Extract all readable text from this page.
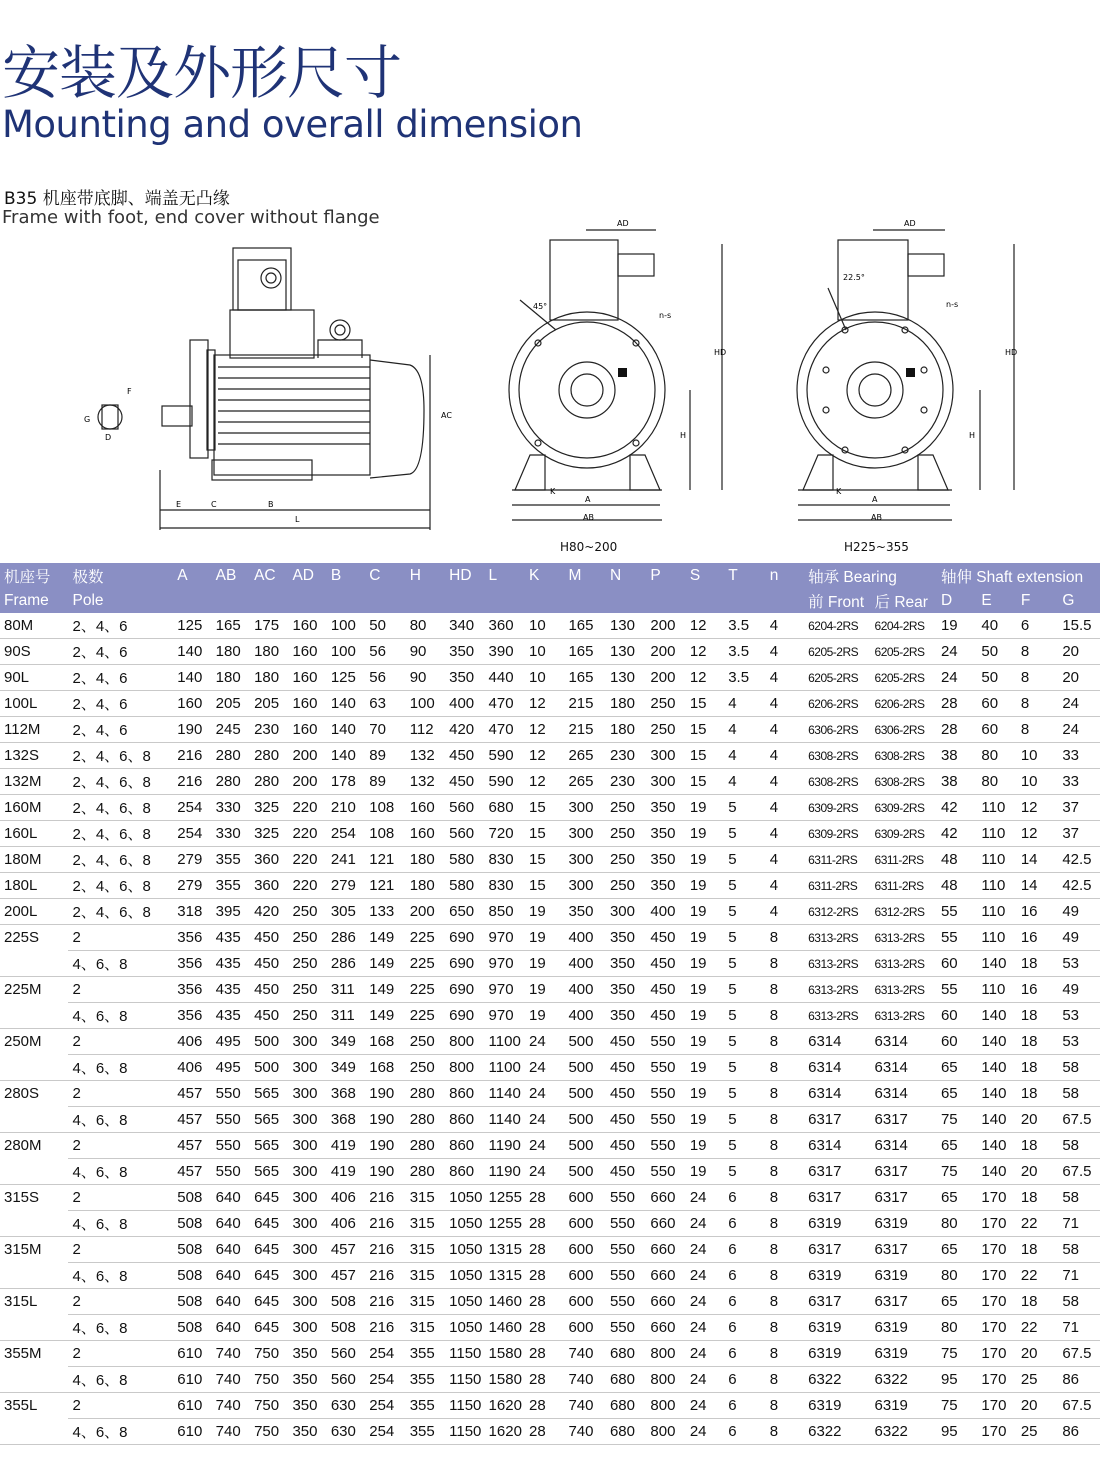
安装及外形尺寸
Mounting and overall dimension
B35 机座带底脚、端盖无凸缘
Frame with foot, end cover without flange
F
G
D
E	C	B
L
AC
AD
45°
n-s
HD
H
K
A
AB
AD
22.5°
n-s
HD
H
K
A
AB
H80~200	H225~355
机座号	极数	A	AB	AC	AD	B	C	H	HD	L	K	M	N	P	S	T	n	轴承 Bearing		轴伸 Shaft extension			
Frame	Pole																	前 Front	后 Rear	D	E	F	G
80M	2、4、6	125	165	175	160	100	50	80	340	360	10	165	130	200	12	3.5	4	6204-2RS	6204-2RS	19	40	6	15.5
90S	2、4、6	140	180	180	160	100	56	90	350	390	10	165	130	200	12	3.5	4	6205-2RS	6205-2RS	24	50	8	20
90L	2、4、6	140	180	180	160	125	56	90	350	440	10	165	130	200	12	3.5	4	6205-2RS	6205-2RS	24	50	8	20
100L	2、4、6	160	205	205	160	140	63	100	400	470	12	215	180	250	15	4	4	6206-2RS	6206-2RS	28	60	8	24
112M	2、4、6	190	245	230	160	140	70	112	420	470	12	215	180	250	15	4	4	6306-2RS	6306-2RS	28	60	8	24
132S	2、4、6、8	216	280	280	200	140	89	132	450	590	12	265	230	300	15	4	4	6308-2RS	6308-2RS	38	80	10	33
132M	2、4、6、8	216	280	280	200	178	89	132	450	590	12	265	230	300	15	4	4	6308-2RS	6308-2RS	38	80	10	33
160M	2、4、6、8	254	330	325	220	210	108	160	560	680	15	300	250	350	19	5	4	6309-2RS	6309-2RS	42	110	12	37
160L	2、4、6、8	254	330	325	220	254	108	160	560	720	15	300	250	350	19	5	4	6309-2RS	6309-2RS	42	110	12	37
180M	2、4、6、8	279	355	360	220	241	121	180	580	830	15	300	250	350	19	5	4	6311-2RS	6311-2RS	48	110	14	42.5
180L	2、4、6、8	279	355	360	220	279	121	180	580	830	15	300	250	350	19	5	4	6311-2RS	6311-2RS	48	110	14	42.5
200L	2、4、6、8	318	395	420	250	305	133	200	650	850	19	350	300	400	19	5	4	6312-2RS	6312-2RS	55	110	16	49
225S	2	356	435	450	250	286	149	225	690	970	19	400	350	450	19	5	8	6313-2RS	6313-2RS	55	110	16	49
	4、6、8	356	435	450	250	286	149	225	690	970	19	400	350	450	19	5	8	6313-2RS	6313-2RS	60	140	18	53
225M	2	356	435	450	250	311	149	225	690	970	19	400	350	450	19	5	8	6313-2RS	6313-2RS	55	110	16	49
	4、6、8	356	435	450	250	311	149	225	690	970	19	400	350	450	19	5	8	6313-2RS	6313-2RS	60	140	18	53
250M	2	406	495	500	300	349	168	250	800	1100	24	500	450	550	19	5	8	6314	6314	60	140	18	53
	4、6、8	406	495	500	300	349	168	250	800	1100	24	500	450	550	19	5	8	6314	6314	65	140	18	58
280S	2	457	550	565	300	368	190	280	860	1140	24	500	450	550	19	5	8	6314	6314	65	140	18	58
	4、6、8	457	550	565	300	368	190	280	860	1140	24	500	450	550	19	5	8	6317	6317	75	140	20	67.5
280M	2	457	550	565	300	419	190	280	860	1190	24	500	450	550	19	5	8	6314	6314	65	140	18	58
	4、6、8	457	550	565	300	419	190	280	860	1190	24	500	450	550	19	5	8	6317	6317	75	140	20	67.5
315S	2	508	640	645	300	406	216	315	1050	1255	28	600	550	660	24	6	8	6317	6317	65	170	18	58
	4、6、8	508	640	645	300	406	216	315	1050	1255	28	600	550	660	24	6	8	6319	6319	80	170	22	71
315M	2	508	640	645	300	457	216	315	1050	1315	28	600	550	660	24	6	8	6317	6317	65	170	18	58
	4、6、8	508	640	645	300	457	216	315	1050	1315	28	600	550	660	24	6	8	6319	6319	80	170	22	71
315L	2	508	640	645	300	508	216	315	1050	1460	28	600	550	660	24	6	8	6317	6317	65	170	18	58
	4、6、8	508	640	645	300	508	216	315	1050	1460	28	600	550	660	24	6	8	6319	6319	80	170	22	71
355M	2	610	740	750	350	560	254	355	1150	1580	28	740	680	800	24	6	8	6319	6319	75	170	20	67.5
	4、6、8	610	740	750	350	560	254	355	1150	1580	28	740	680	800	24	6	8	6322	6322	95	170	25	86
355L	2	610	740	750	350	630	254	355	1150	1620	28	740	680	800	24	6	8	6319	6319	75	170	20	67.5
	4、6、8	610	740	750	350	630	254	355	1150	1620	28	740	680	800	24	6	8	6322	6322	95	170	25	86
